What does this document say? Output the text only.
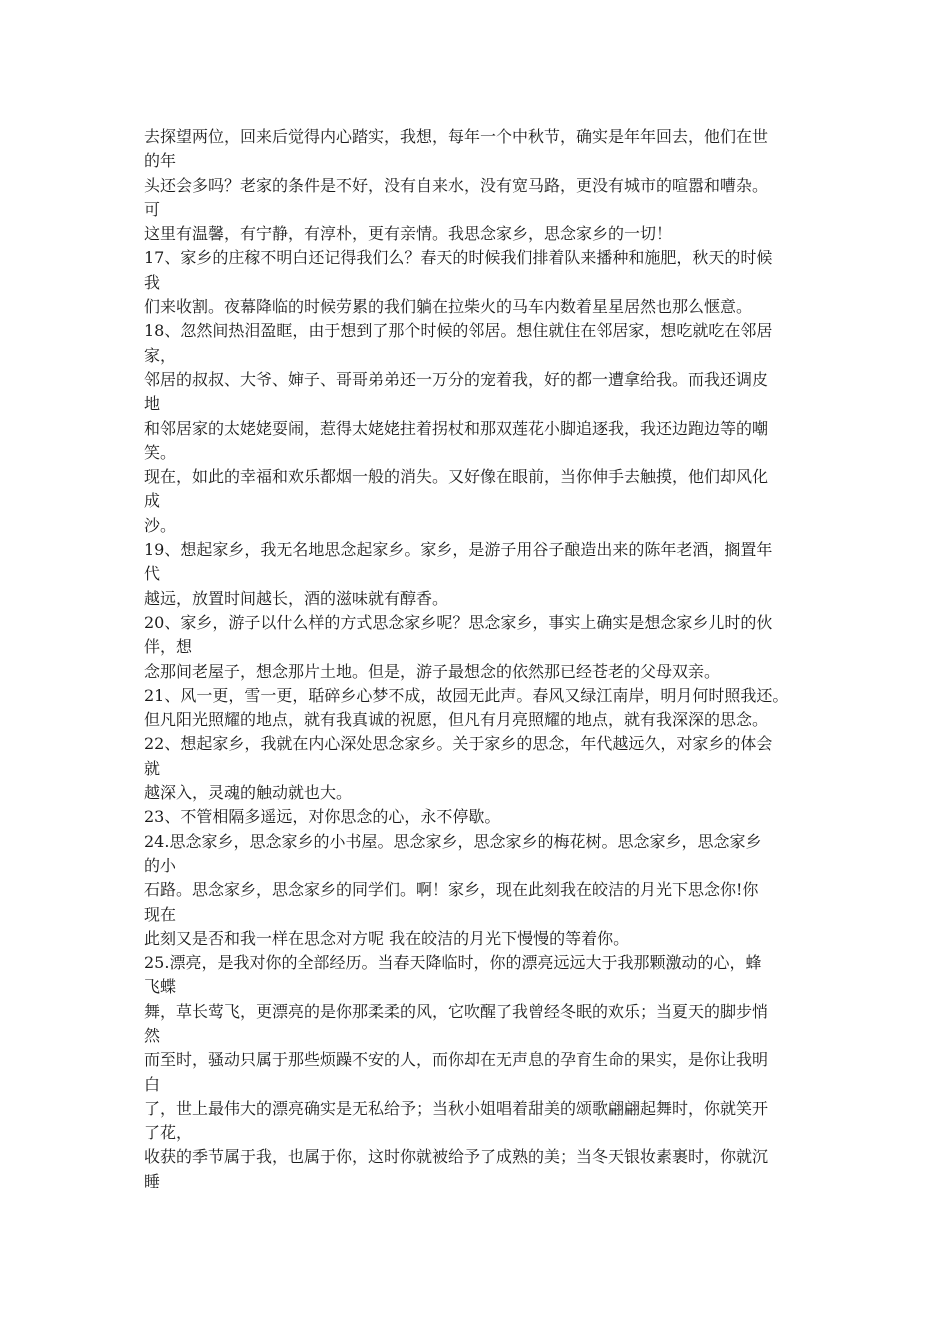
去探望两位，回来后觉得内心踏实，我想，每年一个中秋节，确实是年年回去，他们在世
的年
头还会多吗？老家的条件是不好，没有自来水，没有宽马路，更没有城市的喧嚣和嘈杂。
可
这里有温馨，有宁静，有淳朴，更有亲情。我思念家乡，思念家乡的一切！
17、家乡的庄稼不明白还记得我们么？春天的时候我们排着队来播种和施肥，秋天的时候
我
们来收割。夜幕降临的时候劳累的我们躺在拉柴火的马车内数着星星居然也那么惬意。
18、忽然间热泪盈眶，由于想到了那个时候的邻居。想住就住在邻居家，想吃就吃在邻居
家，
邻居的叔叔、大爷、婶子、哥哥弟弟还一万分的宠着我，好的都一遭拿给我。而我还调皮
地
和邻居家的太姥姥耍闹，惹得太姥姥拄着拐杖和那双莲花小脚追逐我，我还边跑边等的嘲
笑。
现在，如此的幸福和欢乐都烟一般的消失。又好像在眼前，当你伸手去触摸，他们却风化
成
沙。
19、想起家乡，我无名地思念起家乡。家乡，是游子用谷子酿造出来的陈年老酒，搁置年
代
越远，放置时间越长，酒的滋味就有醇香。
20、家乡，游子以什么样的方式思念家乡呢？思念家乡，事实上确实是想念家乡儿时的伙
伴，想
念那间老屋子，想念那片土地。但是，游子最想念的依然那已经苍老的父母双亲。
21、风一更，雪一更，聒碎乡心梦不成，故园无此声。春风又绿江南岸，明月何时照我还。
但凡阳光照耀的地点，就有我真诚的祝愿，但凡有月亮照耀的地点，就有我深深的思念。
22、想起家乡，我就在内心深处思念家乡。关于家乡的思念，年代越远久，对家乡的体会
就
越深入，灵魂的触动就也大。
23、不管相隔多遥远，对你思念的心，永不停歇。
24.思念家乡，思念家乡的小书屋。思念家乡，思念家乡的梅花树。思念家乡，思念家乡
的小
石路。思念家乡，思念家乡的同学们。啊！家乡，现在此刻我在皎洁的月光下思念你!你
现在
此刻又是否和我一样在思念对方呢 我在皎洁的月光下慢慢的等着你。
25.漂亮，是我对你的全部经历。当春天降临时，你的漂亮远远大于我那颗激动的心，蜂
飞蝶
舞，草长莺飞，更漂亮的是你那柔柔的风，它吹醒了我曾经冬眠的欢乐；当夏天的脚步悄
然
而至时，骚动只属于那些烦躁不安的人，而你却在无声息的孕育生命的果实，是你让我明
白
了，世上最伟大的漂亮确实是无私给予；当秋小姐唱着甜美的颂歌翩翩起舞时，你就笑开
了花，
收获的季节属于我，也属于你，这时你就被给予了成熟的美；当冬天银妆素裹时，你就沉
睡
